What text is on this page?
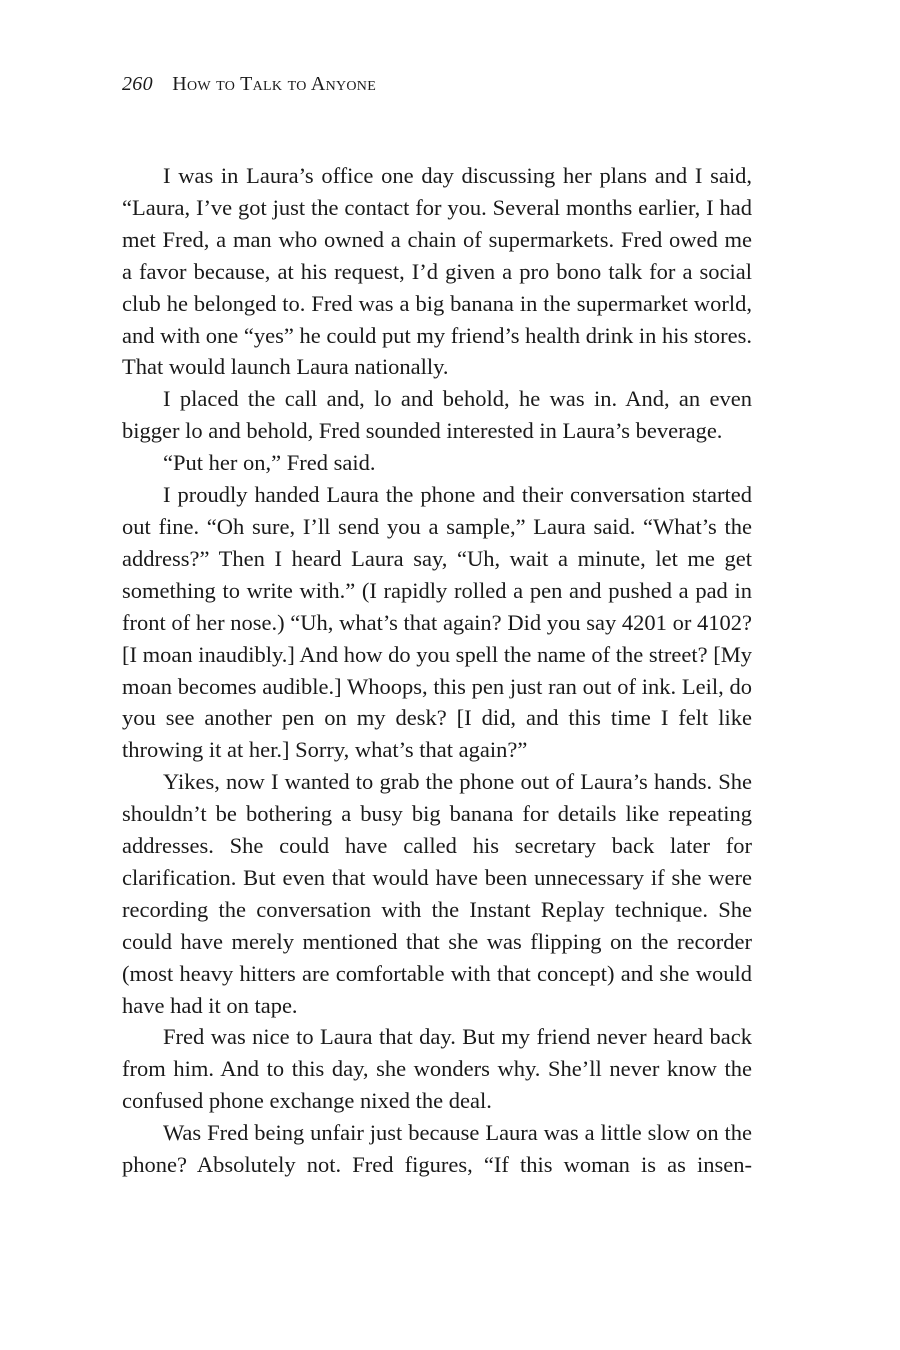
260 How to Talk to Anyone

I was in Laura’s office one day discussing her plans and I said, “Laura, I’ve got just the contact for you. Several months earlier, I had met Fred, a man who owned a chain of supermarkets. Fred owed me a favor because, at his request, I’d given a pro bono talk for a social club he belonged to. Fred was a big banana in the supermarket world, and with one “yes” he could put my friend’s health drink in his stores. That would launch Laura nationally.

I placed the call and, lo and behold, he was in. And, an even bigger lo and behold, Fred sounded interested in Laura’s beverage.

“Put her on,” Fred said.

I proudly handed Laura the phone and their conversation started out fine. “Oh sure, I’ll send you a sample,” Laura said. “What’s the address?” Then I heard Laura say, “Uh, wait a minute, let me get something to write with.” (I rapidly rolled a pen and pushed a pad in front of her nose.) “Uh, what’s that again? Did you say 4201 or 4102? [I moan inaudibly.] And how do you spell the name of the street? [My moan becomes audible.] Whoops, this pen just ran out of ink. Leil, do you see another pen on my desk? [I did, and this time I felt like throwing it at her.] Sorry, what’s that again?”

Yikes, now I wanted to grab the phone out of Laura’s hands. She shouldn’t be bothering a busy big banana for details like repeating addresses. She could have called his secretary back later for clarification. But even that would have been unnecessary if she were recording the conversation with the Instant Replay technique. She could have merely mentioned that she was flipping on the recorder (most heavy hitters are comfortable with that concept) and she would have had it on tape.

Fred was nice to Laura that day. But my friend never heard back from him. And to this day, she wonders why. She’ll never know the confused phone exchange nixed the deal.

Was Fred being unfair just because Laura was a little slow on the phone? Absolutely not. Fred figures, “If this woman is as insen-
